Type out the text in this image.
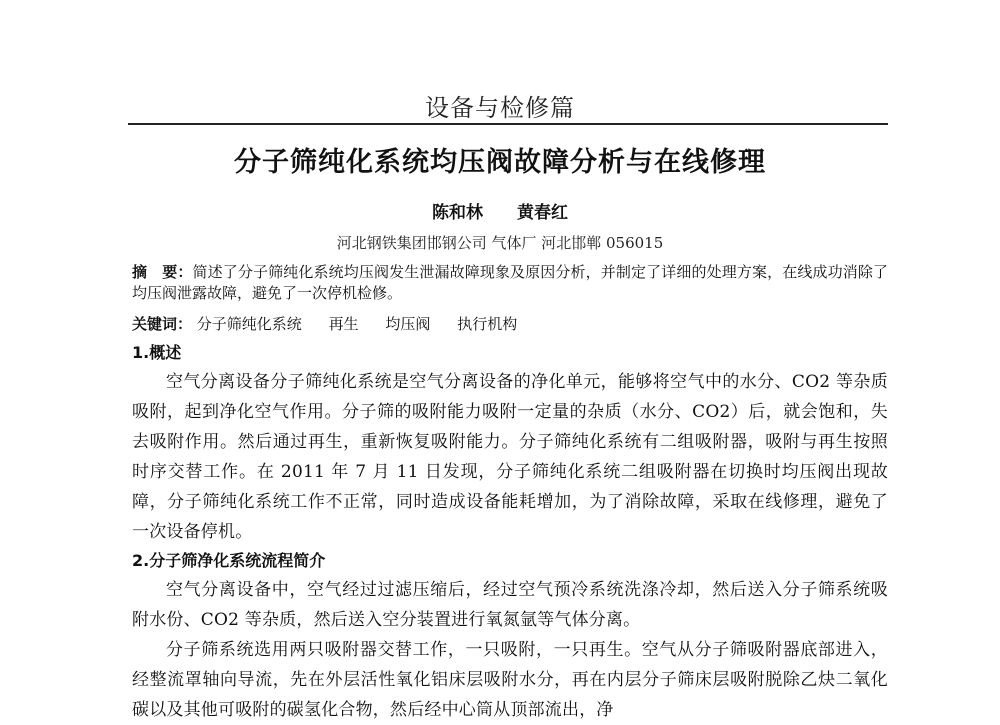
设备与检修篇
分子筛纯化系统均压阀故障分析与在线修理
陈和林 黄春红
河北钢铁集团邯钢公司 气体厂 河北邯郸 056015
摘　要：简述了分子筛纯化系统均压阀发生泄漏故障现象及原因分析，并制定了详细的处理方案，在线成功消除了均压阀泄露故障，避免了一次停机检修。
关键词： 分子筛纯化系统 再生 均压阀 执行机构
1.概述

空气分离设备分子筛纯化系统是空气分离设备的净化单元，能够将空气中的水分、CO2 等杂质吸附，起到净化空气作用。分子筛的吸附能力吸附一定量的杂质（水分、CO2）后，就会饱和，失去吸附作用。然后通过再生，重新恢复吸附能力。分子筛纯化系统有二组吸附器，吸附与再生按照时序交替工作。在 2011 年 7 月 11 日发现，分子筛纯化系统二组吸附器在切换时均压阀出现故障，分子筛纯化系统工作不正常，同时造成设备能耗增加，为了消除故障，采取在线修理，避免了一次设备停机。

2.分子筛净化系统流程简介

空气分离设备中，空气经过过滤压缩后，经过空气预冷系统洗涤冷却，然后送入分子筛系统吸附水份、CO2 等杂质，然后送入空分装置进行氧氮氩等气体分离。

分子筛系统选用两只吸附器交替工作，一只吸附，一只再生。空气从分子筛吸附器底部进入，经整流罩轴向导流，先在外层活性氧化铝床层吸附水分，再在内层分子筛床层吸附脱除乙炔二氧化碳以及其他可吸附的碳氢化合物，然后经中心筒从顶部流出，净
